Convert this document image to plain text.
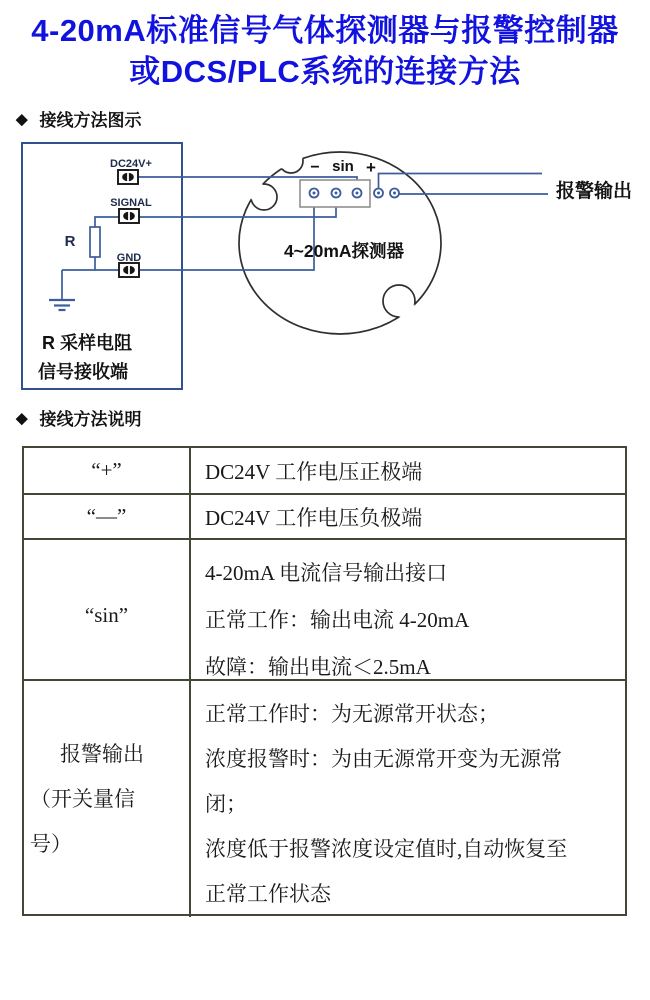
4-20mA标准信号气体探测器与报警控制器
或DCS/PLC系统的连接方法
◆ 接线方法图示
DC24V+
SIGNAL
GND
R
R 采样电阻
信号接收端
− sin +
4~20mA探测器
报警输出
◆ 接线方法说明
“+”	DC24V 工作电压正极端
“—”	DC24V 工作电压负极端
“sin”
4-20mA 电流信号输出接口
正常工作：输出电流 4-20mA
故障：输出电流＜2.5mA
报警输出
（开关量信
号）
正常工作时：为无源常开状态；
浓度报警时：为由无源常开变为无源常
闭；
浓度低于报警浓度设定值时,自动恢复至
正常工作状态
